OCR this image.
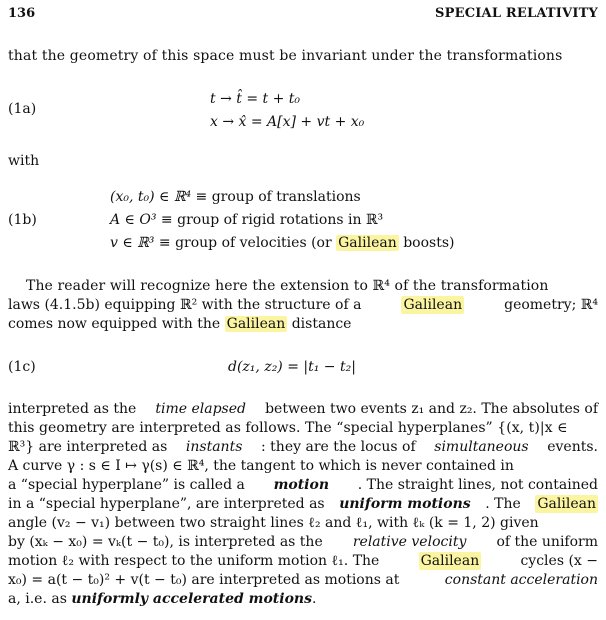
136	SPECIAL RELATIVITY
that the geometry of this space must be invariant under the transformations
(1a)
t → t̂ = t + t₀
x → x̂ = A[x] + vt + x₀
with
(1b)
(x₀, t₀) ∈ ℝ⁴ ≡ group of translations
A ∈ O³ ≡ group of rigid rotations in ℝ³
v ∈ ℝ³ ≡ group of velocities (or Galilean boosts)
The reader will recognize here the extension to ℝ⁴ of the transformation
laws (4.1.5b) equipping ℝ² with the structure of a	Galilean	geometry; ℝ⁴
comes now equipped with the Galilean distance
(1c)	d(z₁, z₂) = |t₁ − t₂|
interpreted as the time elapsed between two events z₁ and z₂. The absolutes of
this geometry are interpreted as follows. The “special hyperplanes” {(x, t)|x ∈
ℝ³} are interpreted as instants : they are the locus of simultaneous events.
A curve γ : s ∈ I ↦ γ(s) ∈ ℝ⁴, the tangent to which is never contained in
a “special hyperplane” is called a motion . The straight lines, not contained
in a “special hyperplane”, are interpreted as uniform motions . The Galilean
angle (v₂ − v₁) between two straight lines ℓ₂ and ℓ₁, with ℓₖ (k = 1, 2) given
by (xₖ − x₀) = vₖ(t − t₀), is interpreted as the relative velocity of the uniform
motion ℓ₂ with respect to the uniform motion ℓ₁. The	Galilean	cycles (x −
x₀) = a(t − t₀)² + v(t − t₀) are interpreted as motions at	constant acceleration
a, i.e. as uniformly accelerated motions.
